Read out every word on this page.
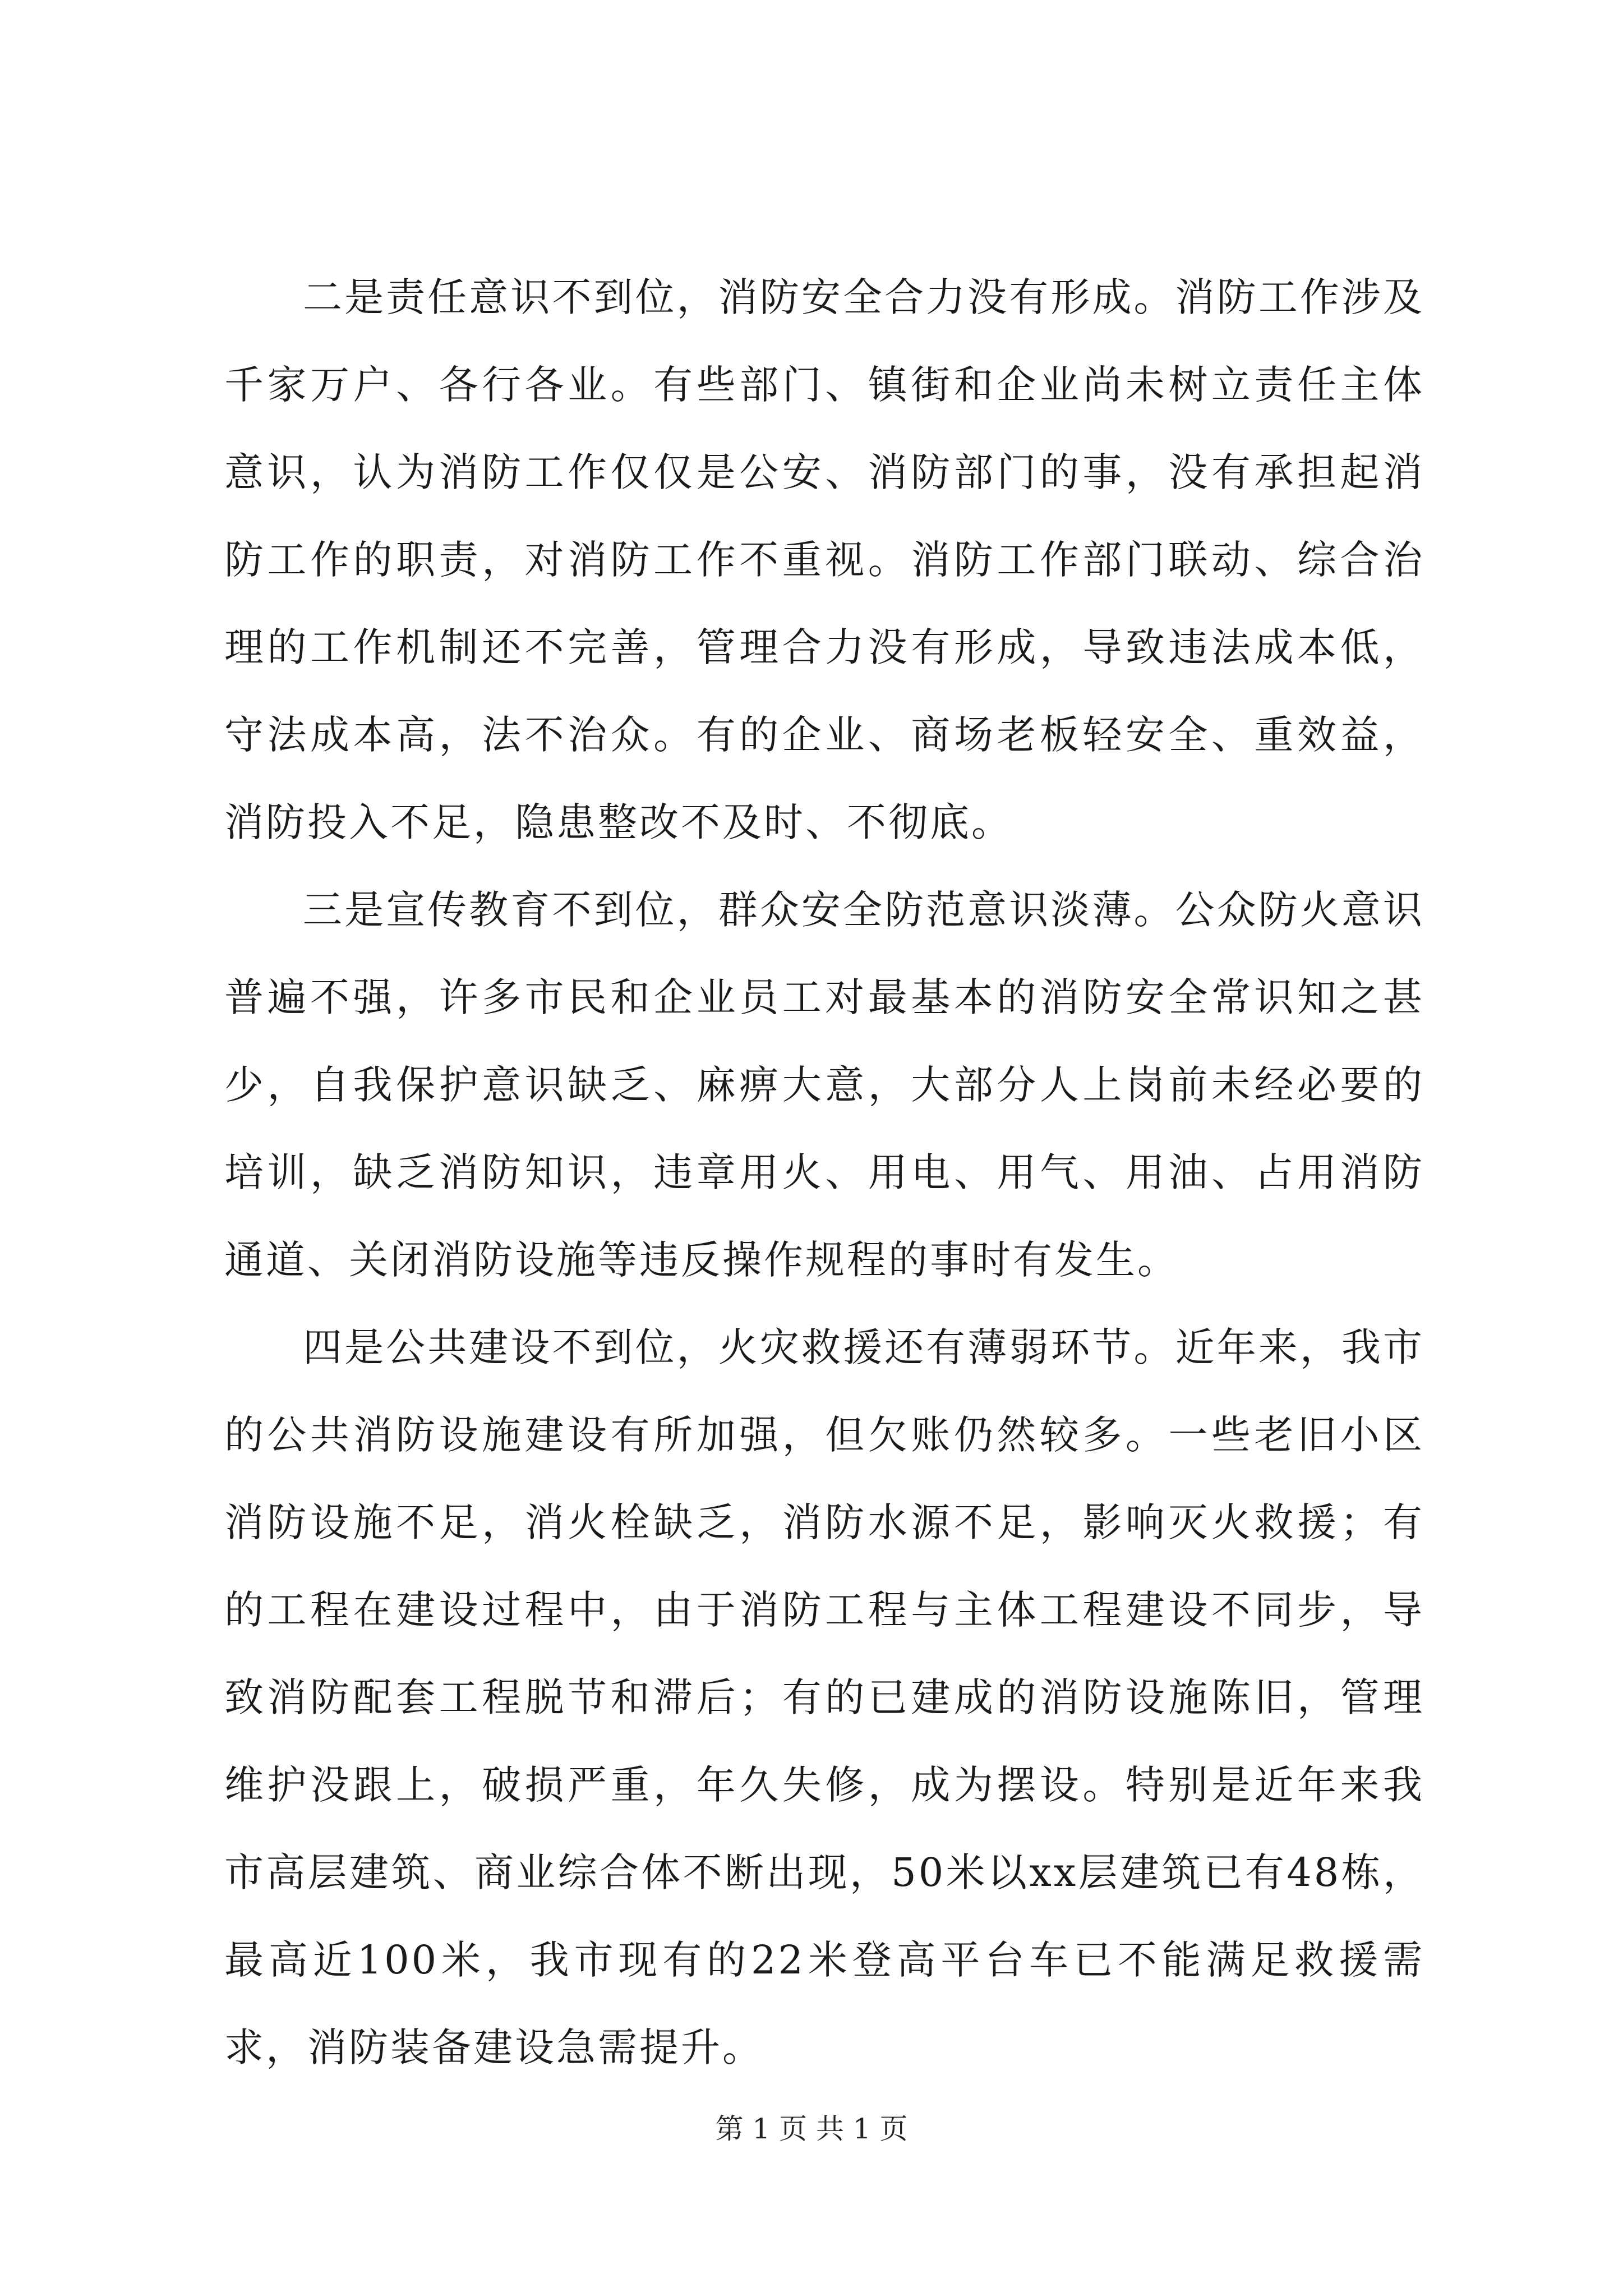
二是责任意识不到位，消防安全合力没有形成。消防工作涉及千家万户、各行各业。有些部门、镇街和企业尚未树立责任主体意识，认为消防工作仅仅是公安、消防部门的事，没有承担起消防工作的职责，对消防工作不重视。消防工作部门联动、综合治理的工作机制还不完善，管理合力没有形成，导致违法成本低，守法成本高，法不治众。有的企业、商场老板轻安全、重效益，消防投入不足，隐患整改不及时、不彻底。

三是宣传教育不到位，群众安全防范意识淡薄。公众防火意识普遍不强，许多市民和企业员工对最基本的消防安全常识知之甚少，自我保护意识缺乏、麻痹大意，大部分人上岗前未经必要的培训，缺乏消防知识，违章用火、用电、用气、用油、占用消防通道、关闭消防设施等违反操作规程的事时有发生。

四是公共建设不到位，火灾救援还有薄弱环节。近年来，我市的公共消防设施建设有所加强，但欠账仍然较多。一些老旧小区消防设施不足，消火栓缺乏，消防水源不足，影响灭火救援；有的工程在建设过程中，由于消防工程与主体工程建设不同步，导致消防配套工程脱节和滞后；有的已建成的消防设施陈旧，管理维护没跟上，破损严重，年久失修，成为摆设。特别是近年来我市高层建筑、商业综合体不断出现，50米以xx层建筑已有48栋，最高近100米，我市现有的22米登高平台车已不能满足救援需求，消防装备建设急需提升。

第 1 页 共 1 页
